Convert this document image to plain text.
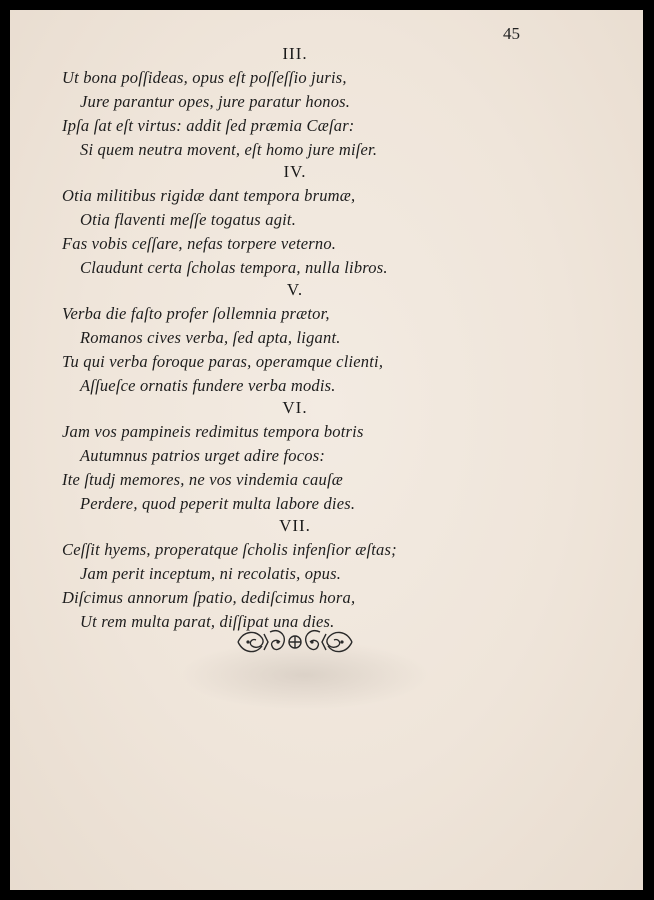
45
III.
Ut bona poſſideas, opus eſt poſſeſſio juris,
Jure parantur opes, jure paratur honos.
Ipſa ſat eſt virtus: addit ſed præmia Cæſar:
Si quem neutra movent, eſt homo jure miſer.
IV.
Otia militibus rigidæ dant tempora brumæ,
Otia flaventi meſſe togatus agit.
Fas vobis ceſſare, nefas torpere veterno.
Claudunt certa ſcholas tempora, nulla libros.
V.
Verba die faſto profer ſollemnia prætor,
Romanos cives verba, ſed apta, ligant.
Tu qui verba foroque paras, operamque clienti,
Aſſueſce ornatis fundere verba modis.
VI.
Jam vos pampineis redimitus tempora botris
Autumnus patrios urget adire focos:
Ite ſtudj memores, ne vos vindemia cauſæ
Perdere, quod peperit multa labore dies.
VII.
Ceſſit hyems, properatque ſcholis infenſior æſtas;
Jam perit inceptum, ni recolatis, opus.
Diſcimus annorum ſpatio, dediſcimus hora,
Ut rem multa parat, diſſipat una dies.
